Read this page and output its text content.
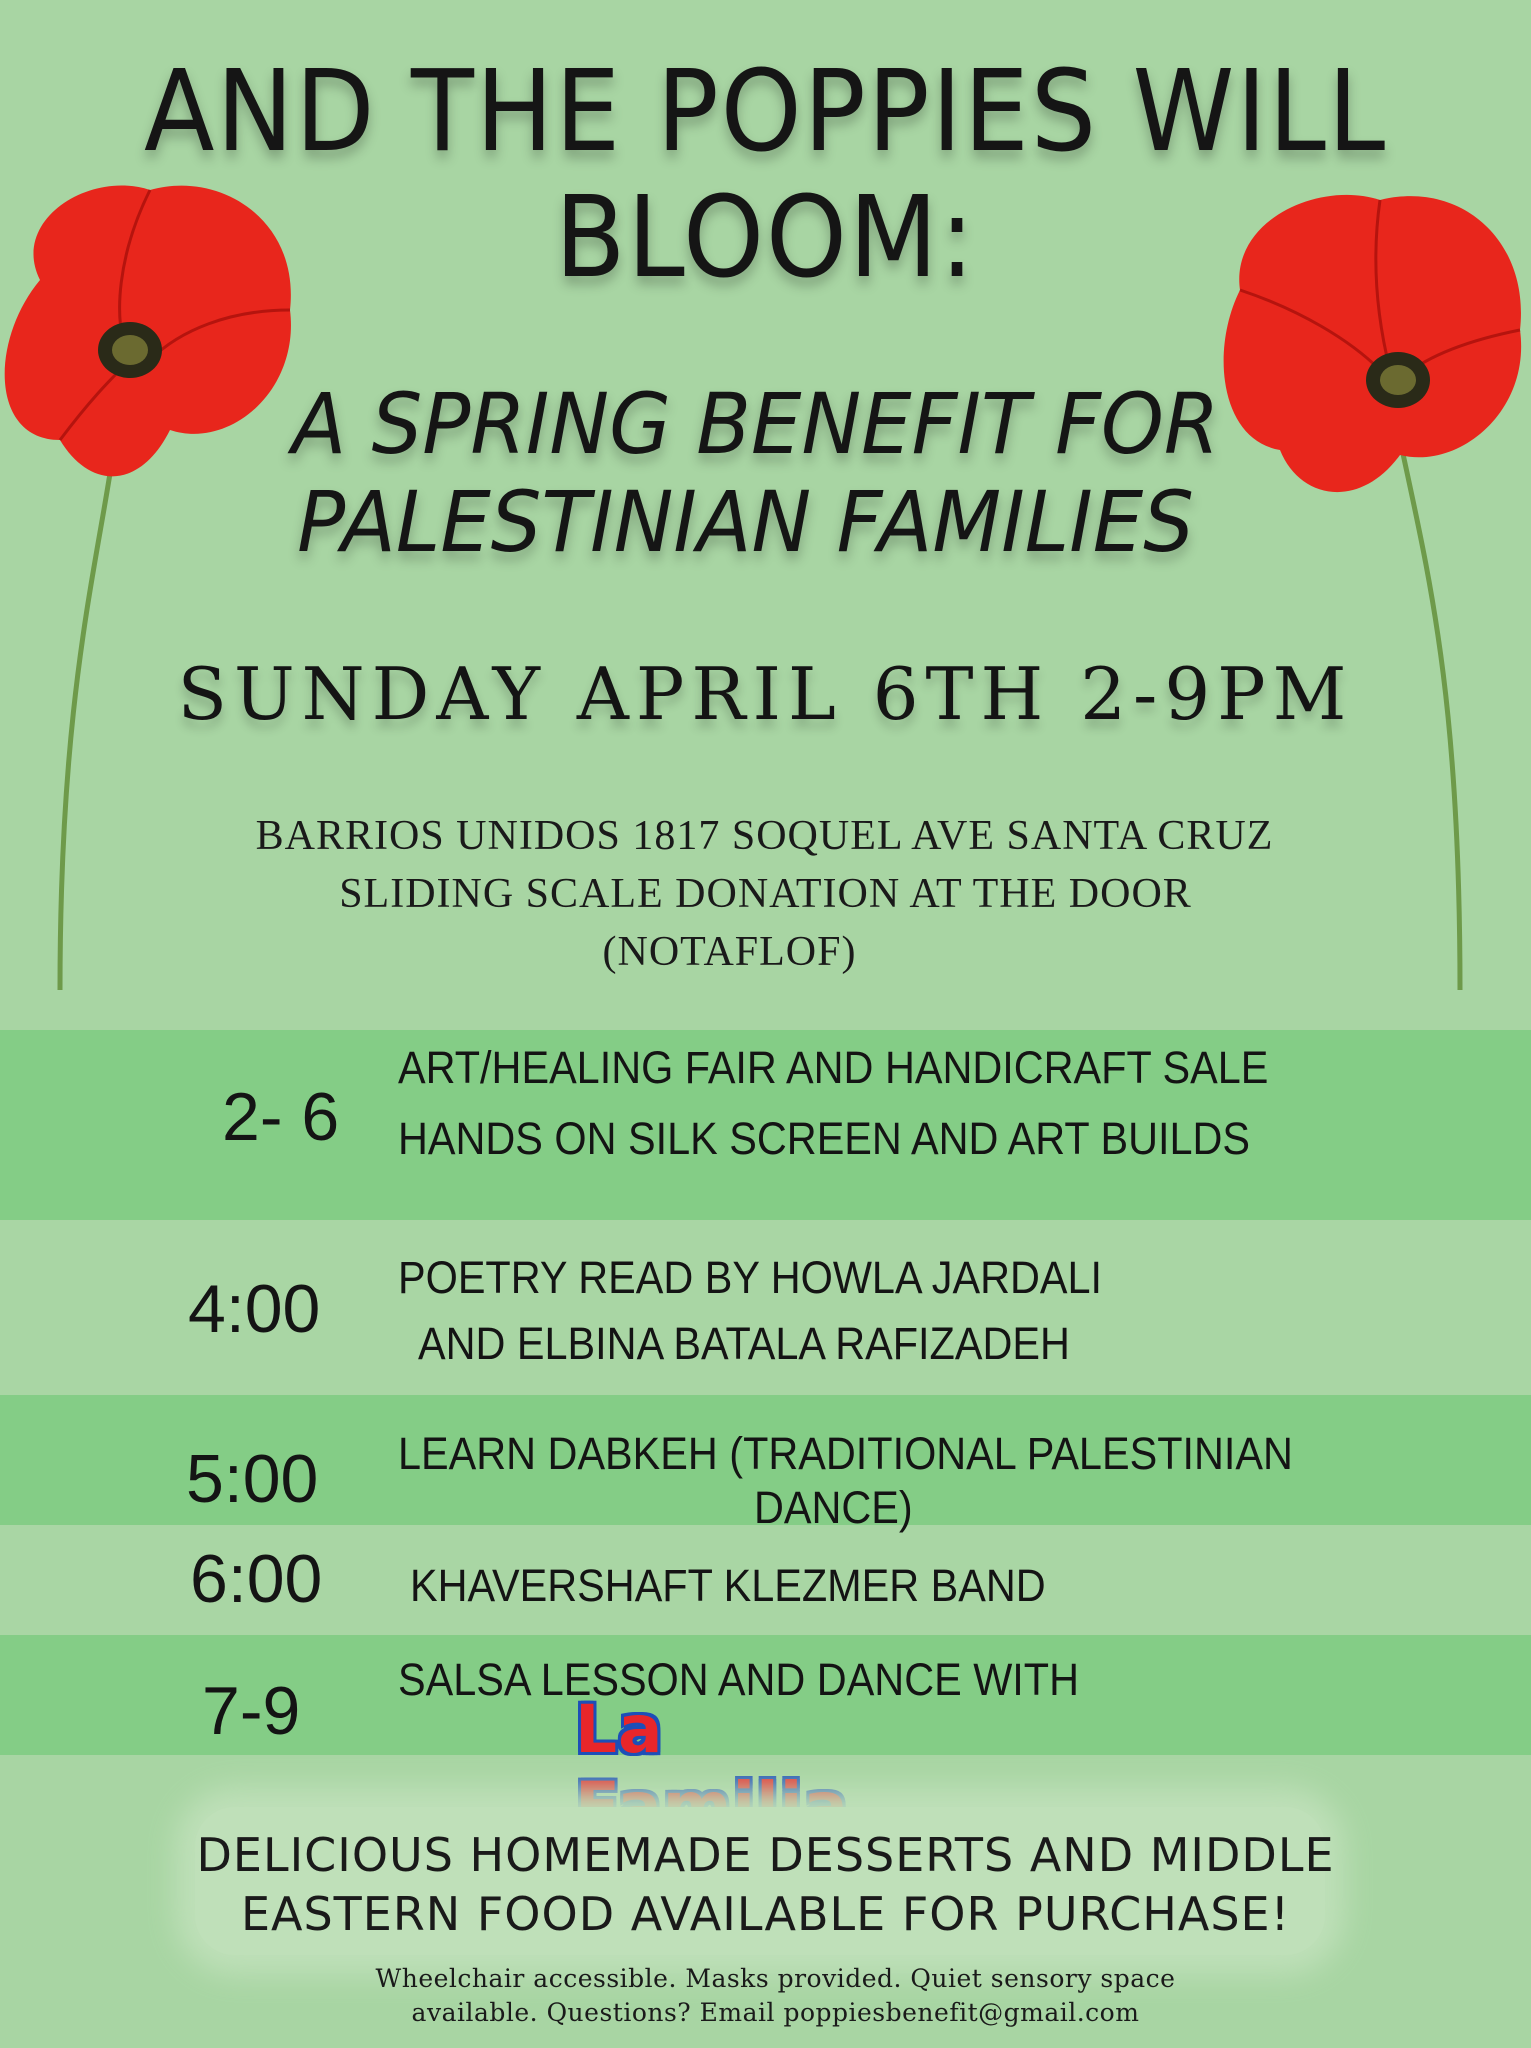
AND THE POPPIES WILL
BLOOM:
A SPRING BENEFIT FOR
PALESTINIAN FAMILIES
SUNDAY APRIL 6TH 2-9PM
BARRIOS UNIDOS 1817 SOQUEL AVE SANTA CRUZ
SLIDING SCALE DONATION AT THE DOOR
(NOTAFLOF)
2- 6
ART/HEALING FAIR AND HANDICRAFT SALE
HANDS ON SILK SCREEN AND ART BUILDS
4:00 POETRY READ BY HOWLA JARDALI
AND ELBINA BATALA RAFIZADEH
5:00 LEARN DABKEH (TRADITIONAL PALESTINIAN
DANCE)
6:00 KHAVERSHAFT KLEZMER BAND
7-9 SALSA LESSON AND DANCE WITH
La
DELICIOUS HOMEMADE DESSERTS AND MIDDLE
EASTERN FOOD AVAILABLE FOR PURCHASE!
Wheelchair accessible. Masks provided. Quiet sensory space
available. Questions? Email poppiesbenefit@gmail.com
